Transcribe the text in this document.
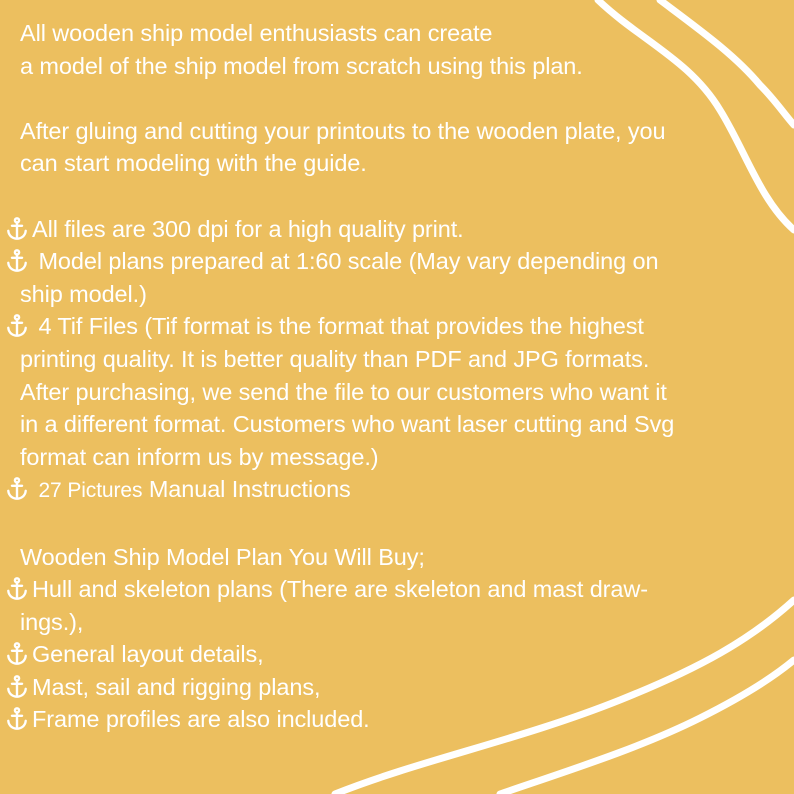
All wooden ship model enthusiasts can create

a model of the ship model from scratch using this plan.

After gluing and cutting your printouts to the wooden plate, you

can start modeling with the guide.

All files are 300 dpi for a high quality print.
Model plans prepared at 1:60 scale (May vary depending on
ship model.)
4 Tif Files (Tif format is the format that provides the highest
printing quality. It is better quality than PDF and JPG formats.
After purchasing, we send the file to our customers who want it
in a different format. Customers who want laser cutting and Svg
format can inform us by message.)
27 Pictures Manual Instructions

Wooden Ship Model Plan You Will Buy;

Hull and skeleton plans (There are skeleton and mast draw-
ings.),
General layout details,
Mast, sail and rigging plans,
Frame profiles are also included.
